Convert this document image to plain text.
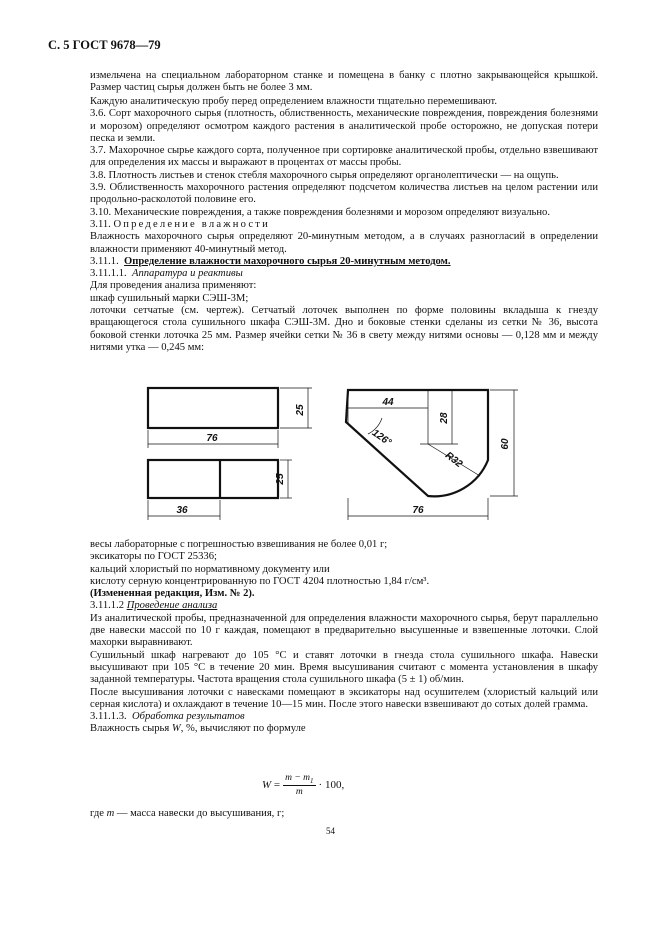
С. 5 ГОСТ 9678—79

измельчена на специальном лабораторном станке и помещена в банку с плотно закрывающейся крышкой. Размер частиц сырья должен быть не более 3 мм.

Каждую аналитическую пробу перед определением влажности тщательно перемешивают.

3.6. Сорт махорочного сырья (плотность, облиственность, механические повреждения, повреждения болезнями и морозом) определяют осмотром каждого растения в аналитической пробе осторожно, не допуская потери песка и земли.

3.7. Махорочное сырье каждого сорта, полученное при сортировке аналитической пробы, отдельно взвешивают для определения их массы и выражают в процентах от массы пробы.

3.8. Плотность листьев и стенок стебля махорочного сырья определяют органолептически — на ощупь.

3.9. Облиственность махорочного растения определяют подсчетом количества листьев на целом растении или продольно-расколотой половине его.

3.10. Механические повреждения, а также повреждения болезнями и морозом определяют визуально.

3.11. Определение влажности

Влажность махорочного сырья определяют 20-минутным методом, а в случаях разногласий в определении влажности применяют 40-минутный метод.

3.11.1. Определение влажности махорочного сырья 20-минутным методом.

3.11.1.1. Аппаратура и реактивы

Для проведения анализа применяют:

шкаф сушильный марки СЭШ-3М;

лоточки сетчатые (см. чертеж). Сетчатый лоточек выполнен по форме половины вкладыша к гнезду вращающегося стола сушильного шкафа СЭШ-3М. Дно и боковые стенки сделаны из сетки № 36, высота боковой стенки лоточка 25 мм. Размер ячейки сетки № 36 в свету между нитями основы — 0,128 мм и между нитями утка — 0,245 мм:

25
76
25
36
44
28
126°
R32
60
76

весы лабораторные с погрешностью взвешивания не более 0,01 г;

эксикаторы по ГОСТ 25336;

кальций хлористый по нормативному документу или

кислоту серную концентрированную по ГОСТ 4204 плотностью 1,84 г/см³.

(Измененная редакция, Изм. № 2).

3.11.1.2 Проведение анализа

Из аналитической пробы, предназначенной для определения влажности махорочного сырья, берут параллельно две навески массой по 10 г каждая, помещают в предварительно высушенные и взвешенные лоточки. Слой махорки выравнивают.

Сушильный шкаф нагревают до 105 °С и ставят лоточки в гнезда стола сушильного шкафа. Навески высушивают при 105 °С в течение 20 мин. Время высушивания считают с момента установления в шкафу заданной температуры. Частота вращения стола сушильного шкафа (5 ± 1) об/мин.

После высушивания лоточки с навесками помещают в эксикаторы над осушителем (хлористый кальций или серная кислота) и охлаждают в течение 10—15 мин. После этого навески взвешивают до сотых долей грамма.

3.11.1.3. Обработка результатов

Влажность сырья W, %, вычисляют по формуле

W
= $\frac{m - m_1}{m} \cdot 100$,

где m — масса навески до высушивания, г;

54
